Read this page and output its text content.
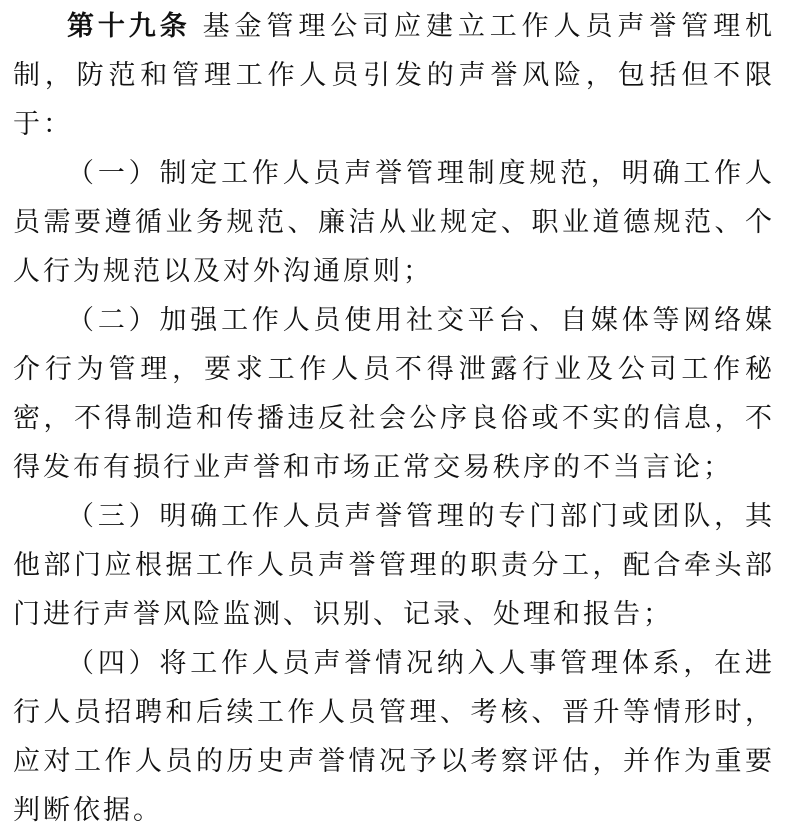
第十九条 基金管理公司应建立工作人员声誉管理机制，防范和管理工作人员引发的声誉风险，包括但不限于：

（一）制定工作人员声誉管理制度规范，明确工作人员需要遵循业务规范、廉洁从业规定、职业道德规范、个人行为规范以及对外沟通原则；

（二）加强工作人员使用社交平台、自媒体等网络媒介行为管理，要求工作人员不得泄露行业及公司工作秘密，不得制造和传播违反社会公序良俗或不实的信息，不得发布有损行业声誉和市场正常交易秩序的不当言论；

（三）明确工作人员声誉管理的专门部门或团队，其他部门应根据工作人员声誉管理的职责分工，配合牵头部门进行声誉风险监测、识别、记录、处理和报告；

（四）将工作人员声誉情况纳入人事管理体系，在进行人员招聘和后续工作人员管理、考核、晋升等情形时，应对工作人员的历史声誉情况予以考察评估，并作为重要判断依据。
